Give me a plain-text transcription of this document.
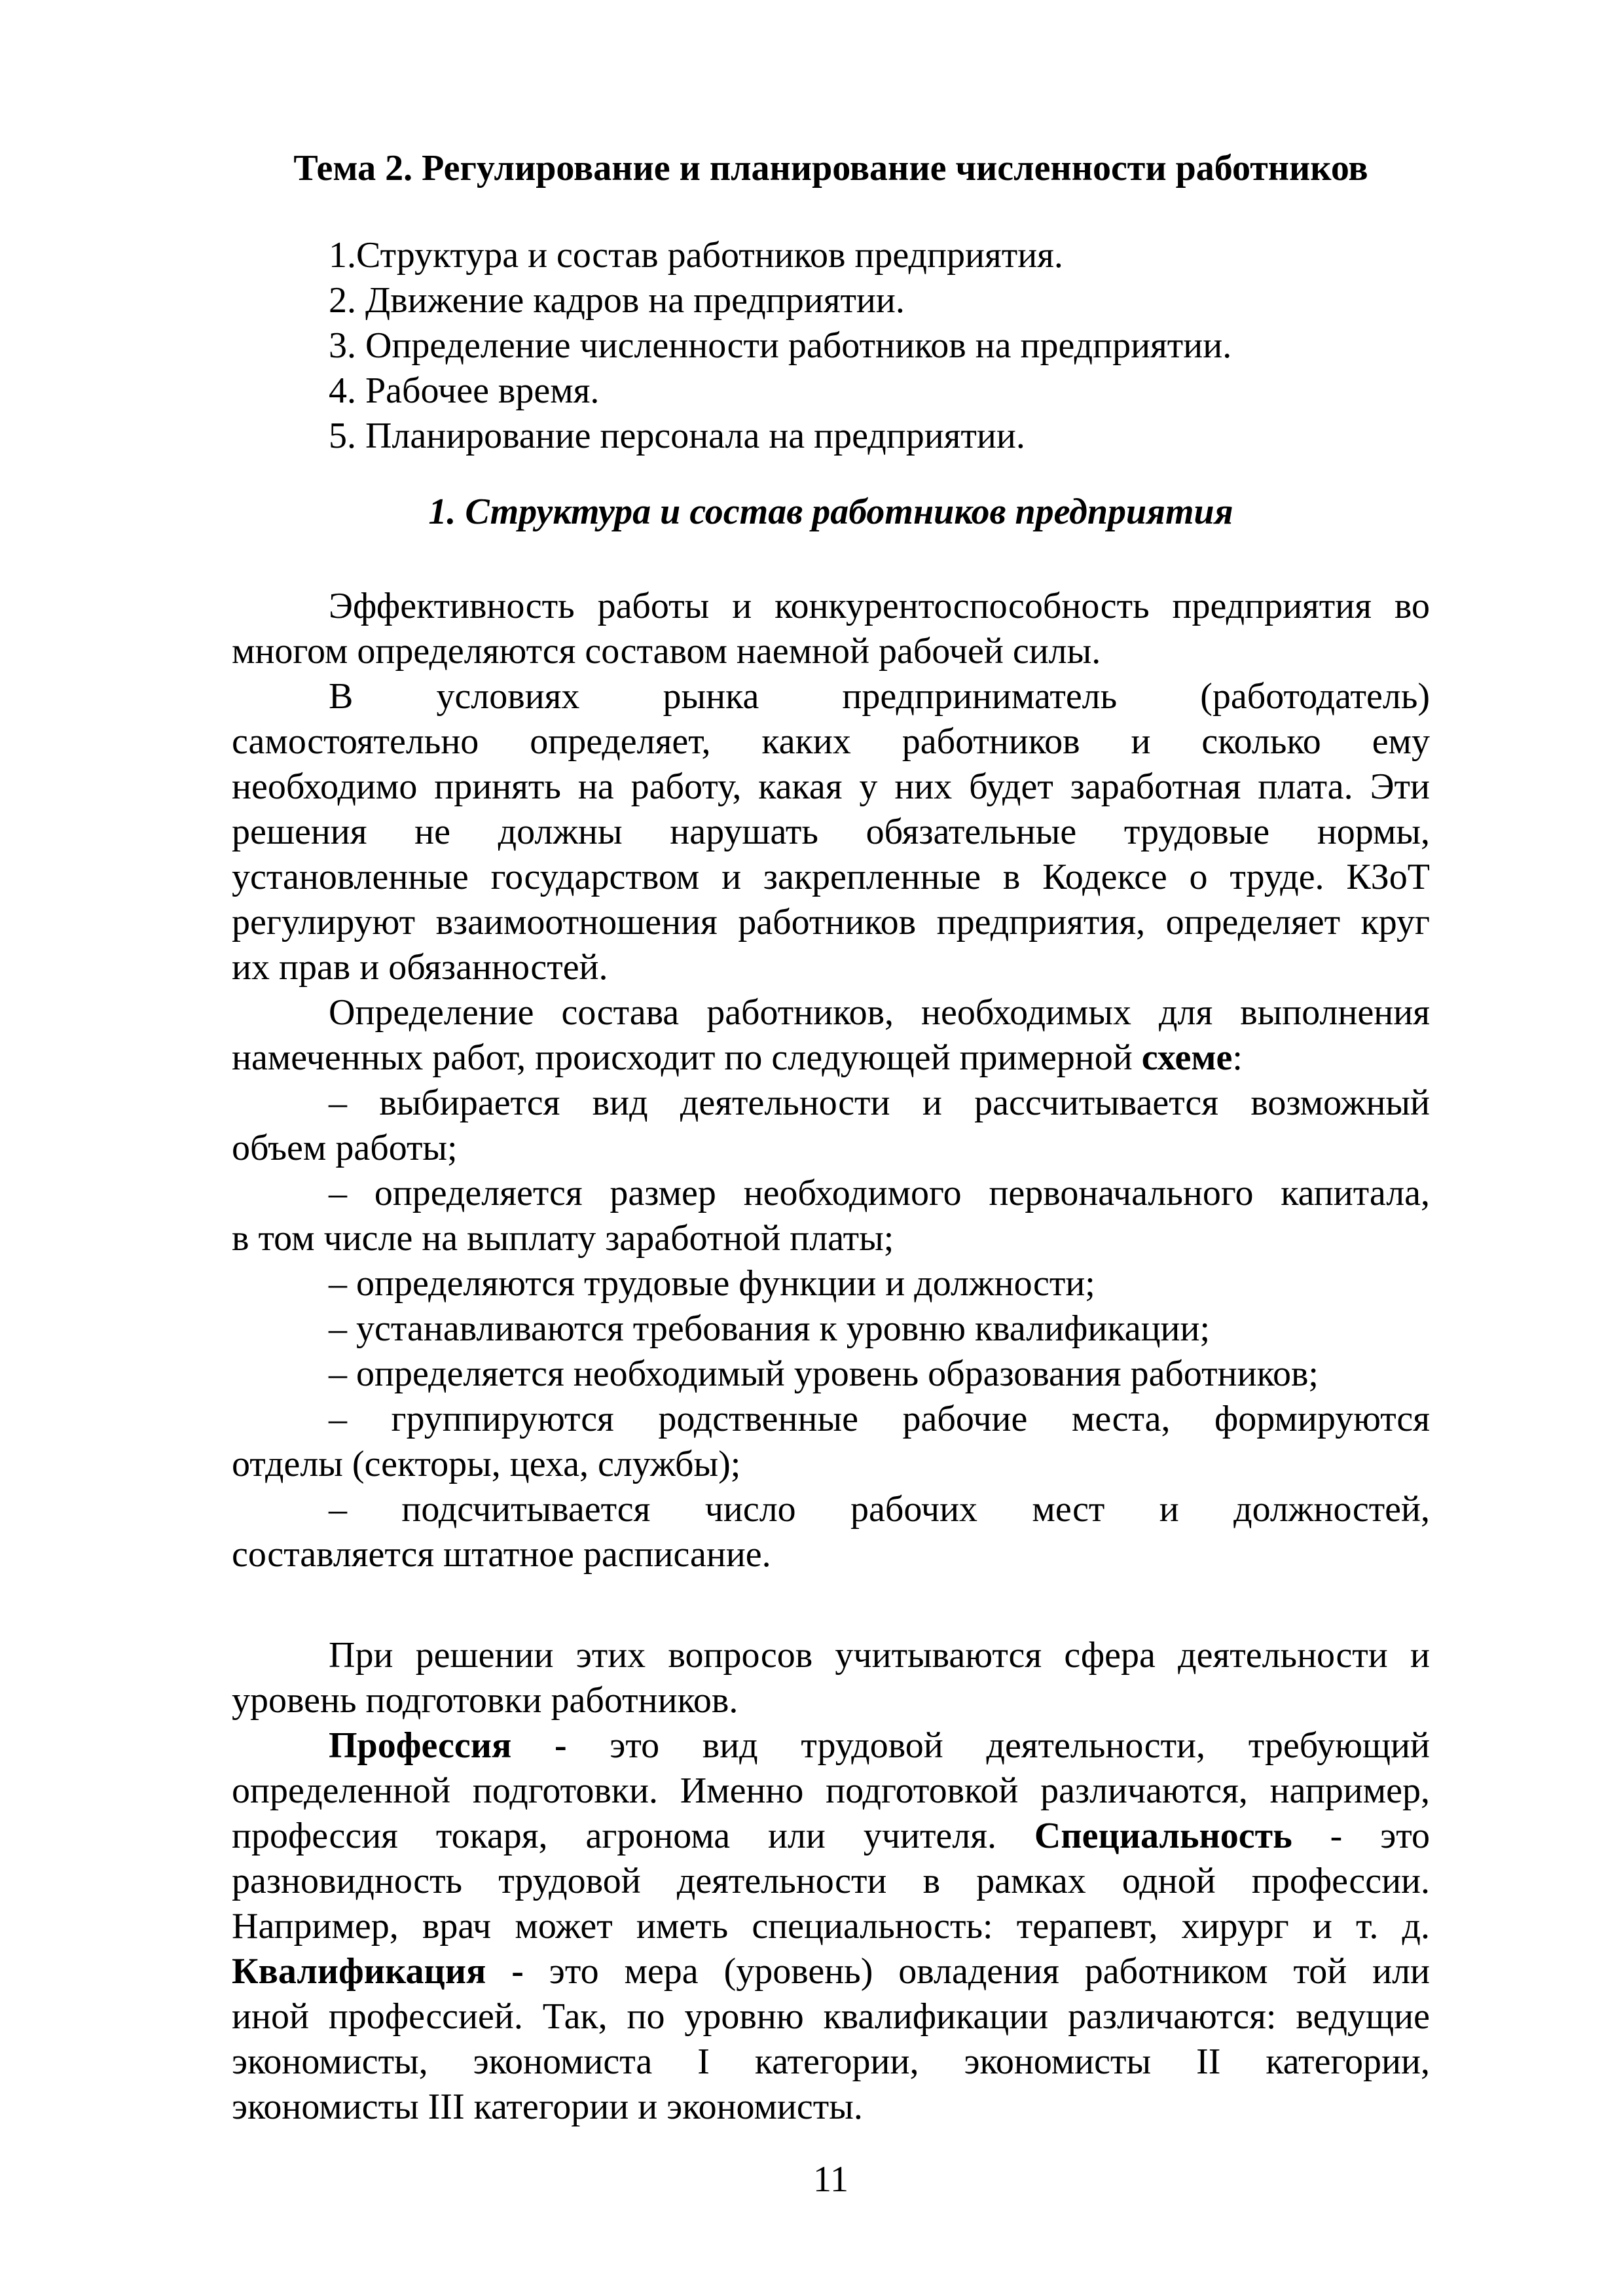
Тема 2. Регулирование и планирование численности работников
1.Структура и состав работников предприятия.
2. Движение кадров на предприятии.
3. Определение численности работников на предприятии.
4. Рабочее время.
5. Планирование персонала на предприятии.
1. Структура и состав работников предприятия
Эффективность работы и конкурентоспособность предприятия во
многом определяются составом наемной рабочей силы.
В условиях рынка предприниматель (работодатель)
самостоятельно определяет, каких работников и сколько ему
необходимо принять на работу, какая у них будет заработная плата. Эти
решения не должны нарушать обязательные трудовые нормы,
установленные государством и закрепленные в Кодексе о труде. КЗоТ
регулируют взаимоотношения работников предприятия, определяет круг
их прав и обязанностей.
Определение состава работников, необходимых для выполнения
намеченных работ, происходит по следующей примерной схеме:
– выбирается вид деятельности и рассчитывается возможный
объем работы;
– определяется размер необходимого первоначального капитала,
в том числе на выплату заработной платы;
– определяются трудовые функции и должности;
– устанавливаются требования к уровню квалификации;
– определяется необходимый уровень образования работников;
– группируются родственные рабочие места, формируются
отделы (секторы, цеха, службы);
– подсчитывается число рабочих мест и должностей,
составляется штатное расписание.
При решении этих вопросов учитываются сфера деятельности и
уровень подготовки работников.
Профессия - это вид трудовой деятельности, требующий
определенной подготовки. Именно подготовкой различаются, например,
профессия токаря, агронома или учителя. Специальность - это
разновидность трудовой деятельности в рамках одной профессии.
Например, врач может иметь специальность: терапевт, хирург и т. д.
Квалификация - это мера (уровень) овладения работником той или
иной профессией. Так, по уровню квалификации различаются: ведущие
экономисты, экономиста I категории, экономисты II категории,
экономисты III категории и экономисты.
11
